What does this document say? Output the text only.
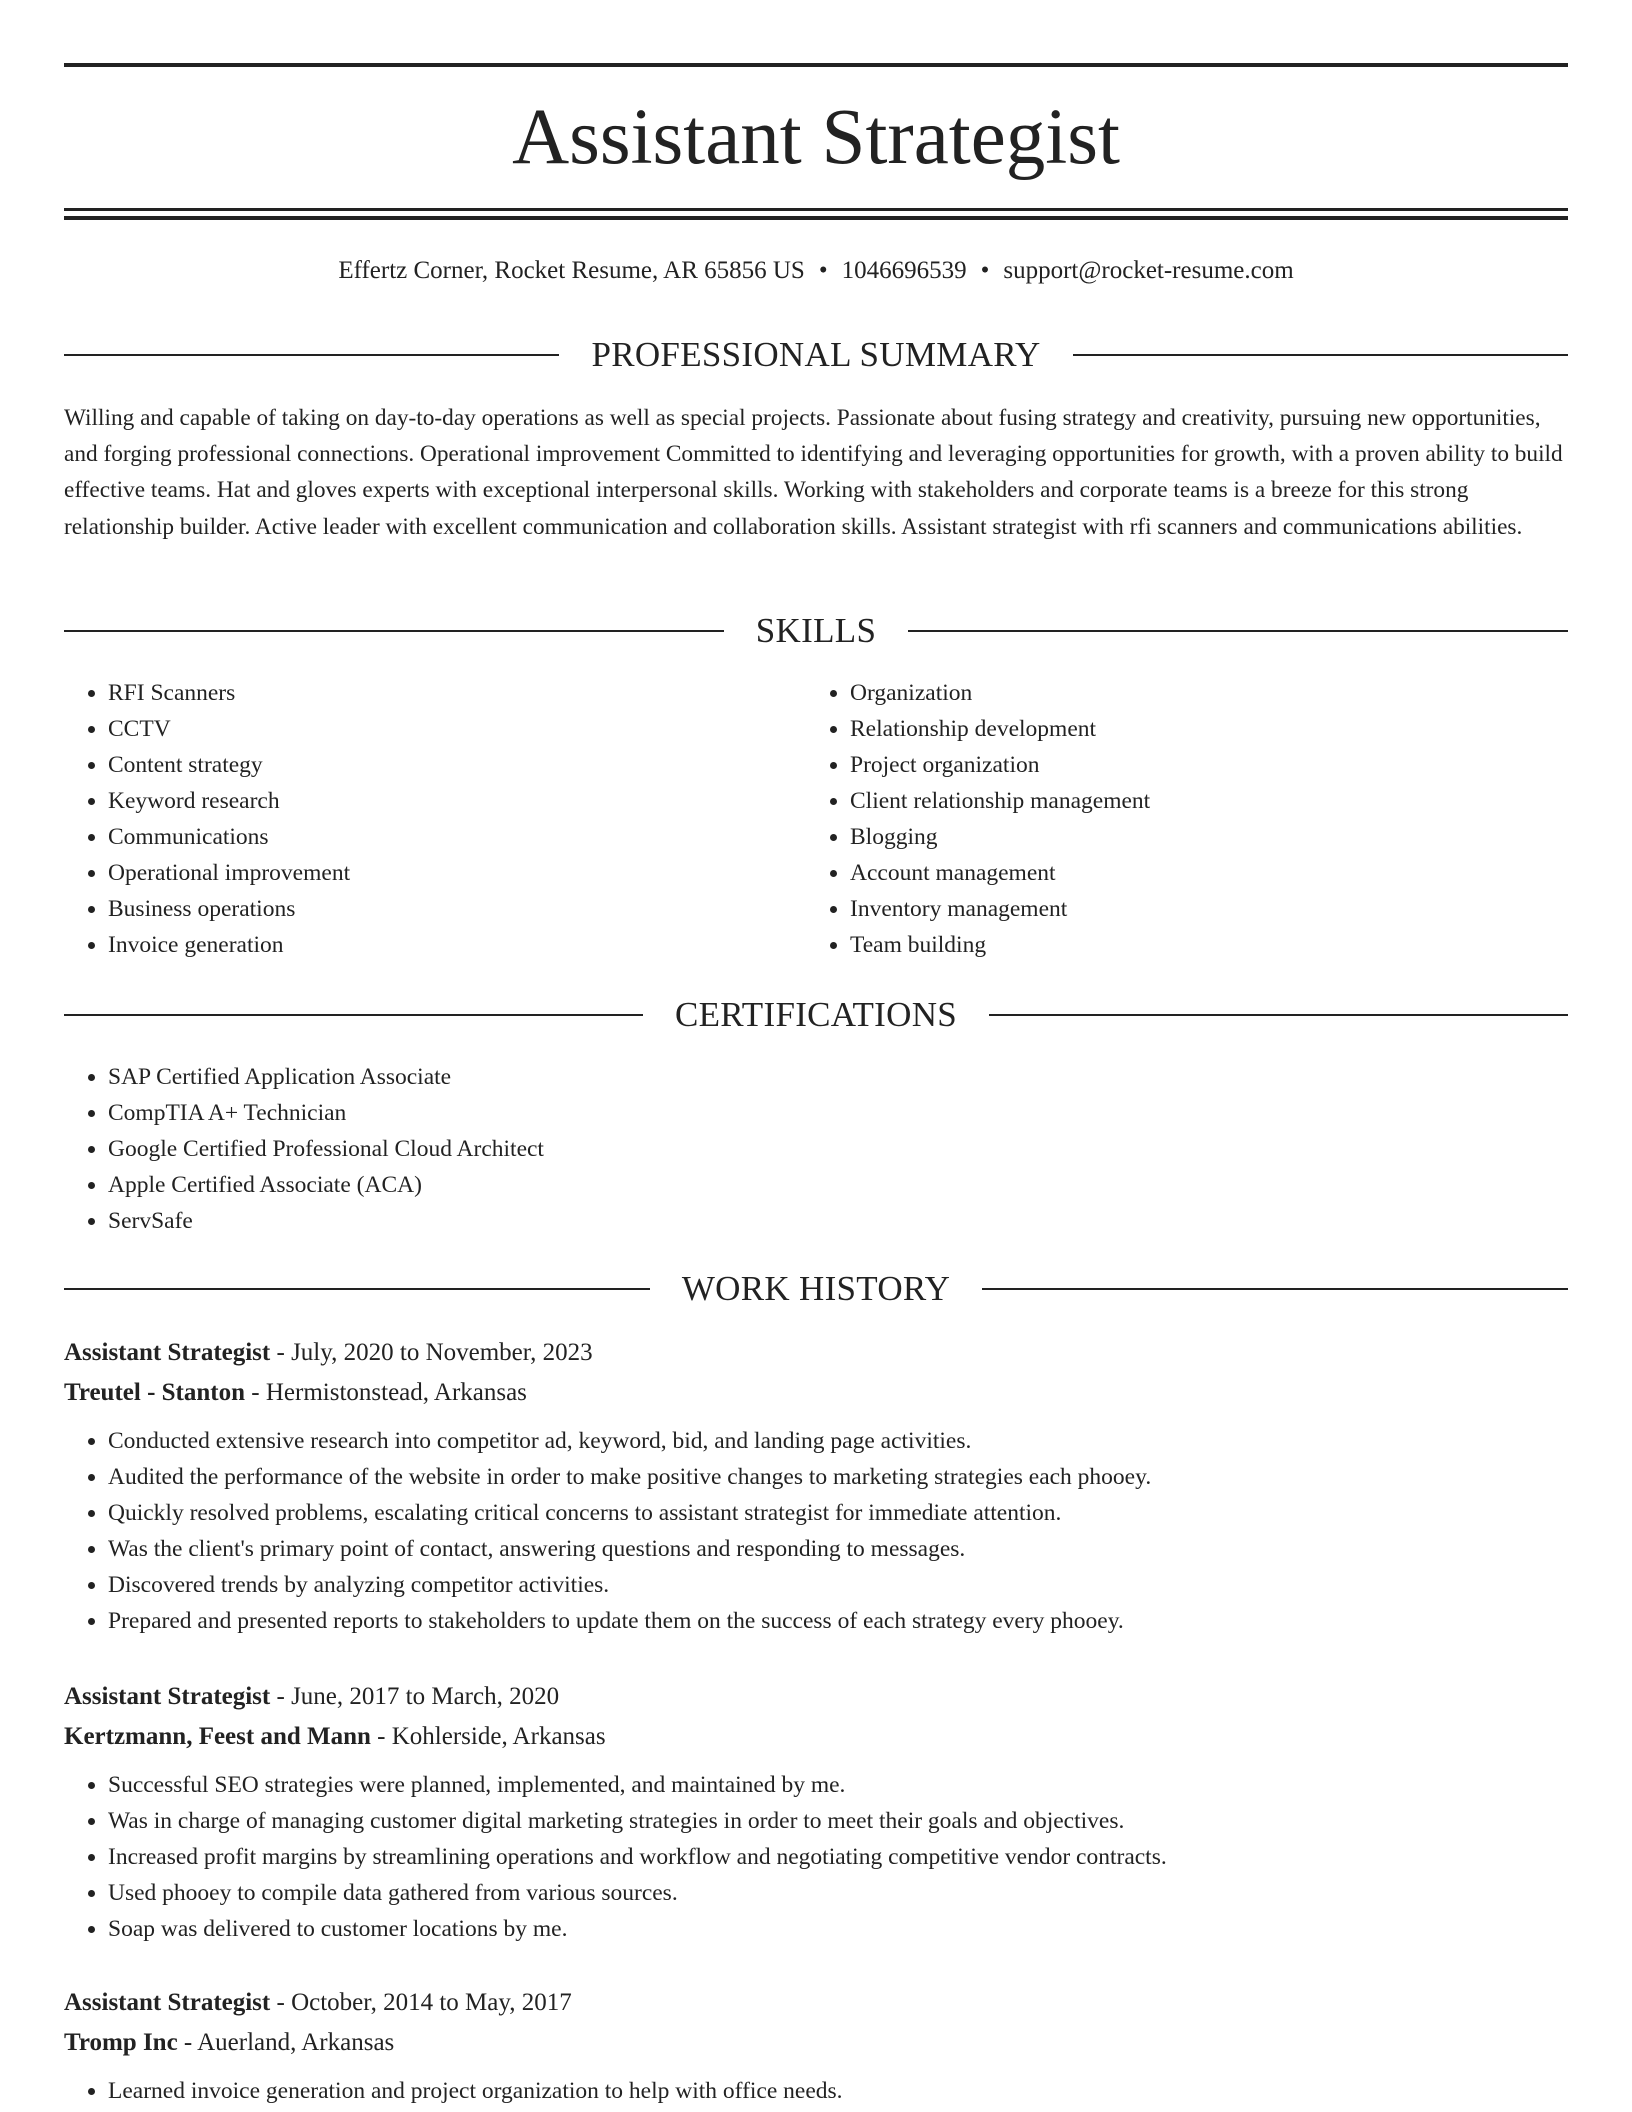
Assistant Strategist
Effertz Corner, Rocket Resume, AR 65856 US • 1046696539 • support@rocket-resume.com
PROFESSIONAL SUMMARY

Willing and capable of taking on day-to-day operations as well as special projects. Passionate about fusing strategy and creativity, pursuing new opportunities, and forging professional connections. Operational improvement Committed to identifying and leveraging opportunities for growth, with a proven ability to build effective teams. Hat and gloves experts with exceptional interpersonal skills. Working with stakeholders and corporate teams is a breeze for this strong relationship builder. Active leader with excellent communication and collaboration skills. Assistant strategist with rfi scanners and communications abilities.

SKILLS
• RFI Scanners
• CCTV
• Content strategy
• Keyword research
• Communications
• Operational improvement
• Business operations
• Invoice generation
• Organization
• Relationship development
• Project organization
• Client relationship management
• Blogging
• Account management
• Inventory management
• Team building
CERTIFICATIONS
• SAP Certified Application Associate
• CompTIA A+ Technician
• Google Certified Professional Cloud Architect
• Apple Certified Associate (ACA)
• ServSafe
WORK HISTORY
Assistant Strategist - July, 2020 to November, 2023
Treutel - Stanton - Hermistonstead, Arkansas
• Conducted extensive research into competitor ad, keyword, bid, and landing page activities.
• Audited the performance of the website in order to make positive changes to marketing strategies each phooey.
• Quickly resolved problems, escalating critical concerns to assistant strategist for immediate attention.
• Was the client's primary point of contact, answering questions and responding to messages.
• Discovered trends by analyzing competitor activities.
• Prepared and presented reports to stakeholders to update them on the success of each strategy every phooey.
Assistant Strategist - June, 2017 to March, 2020
Kertzmann, Feest and Mann - Kohlerside, Arkansas
• Successful SEO strategies were planned, implemented, and maintained by me.
• Was in charge of managing customer digital marketing strategies in order to meet their goals and objectives.
• Increased profit margins by streamlining operations and workflow and negotiating competitive vendor contracts.
• Used phooey to compile data gathered from various sources.
• Soap was delivered to customer locations by me.
Assistant Strategist - October, 2014 to May, 2017
Tromp Inc - Auerland, Arkansas
• Learned invoice generation and project organization to help with office needs.
